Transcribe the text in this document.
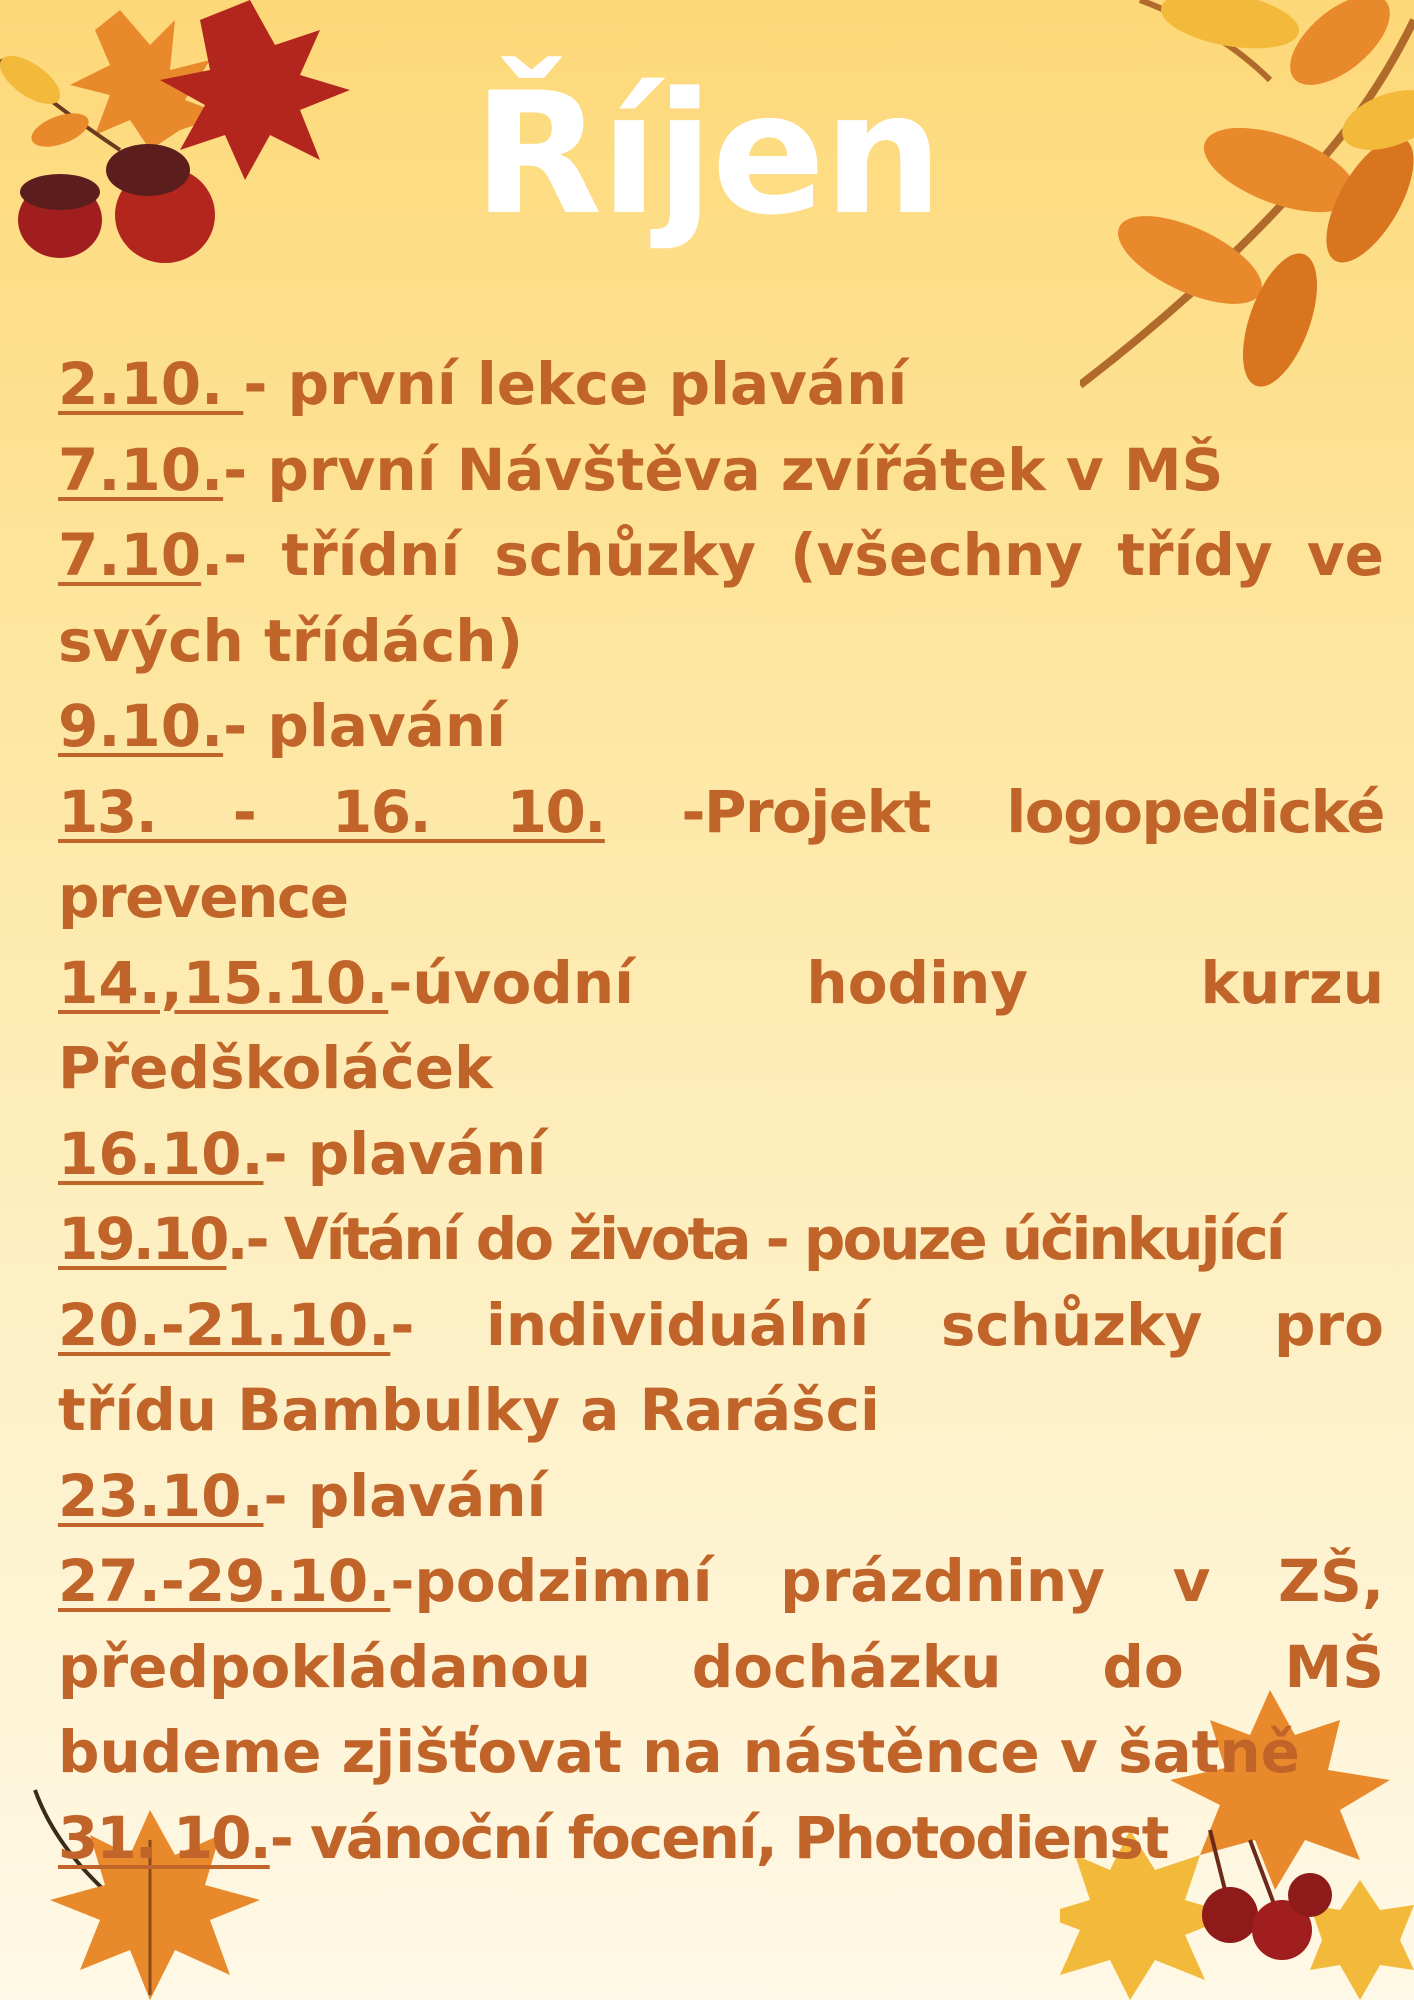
Říjen

2.10. - první lekce plavání

7.10.- první Návštěva zvířátek v MŠ

7.10.- třídní schůzky (všechny třídy ve svých třídách)

9.10.- plavání

13. - 16. 10. -Projekt logopedické prevence

14.,15.10.-úvodní hodiny kurzu Předškoláček

16.10.- plavání

19.10.- Vítání do života - pouze účinkující

20.-21.10.- individuální schůzky pro třídu Bambulky a Rarášci

23.10.- plavání

27.-29.10.-podzimní prázdniny v ZŠ, předpokládanou docházku do MŠ budeme zjišťovat na nástěnce v šatně

31. 10.- vánoční focení, Photodienst
